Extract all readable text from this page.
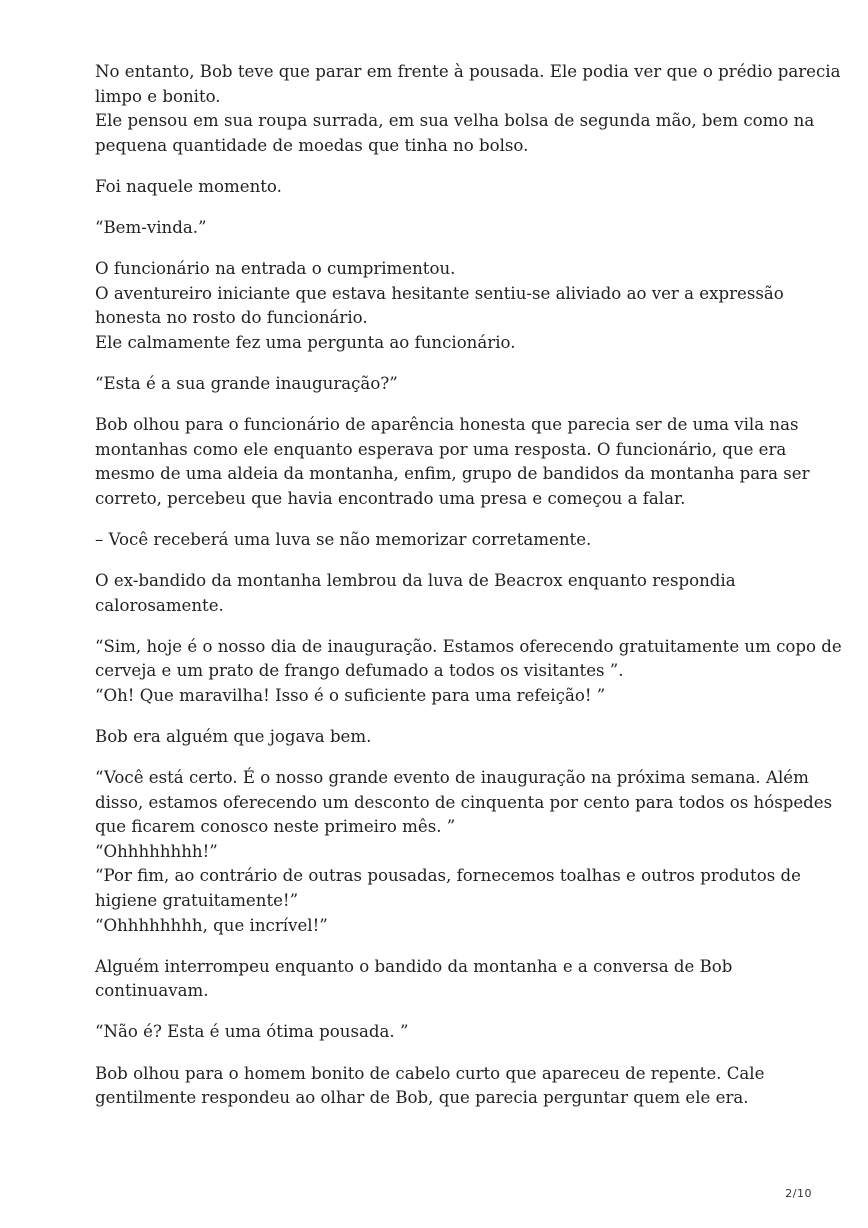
No entanto, Bob teve que parar em frente à pousada. Ele podia ver que o prédio parecia
limpo e bonito.
Ele pensou em sua roupa surrada, em sua velha bolsa de segunda mão, bem como na
pequena quantidade de moedas que tinha no bolso.

Foi naquele momento.

“Bem-vinda.”

O funcionário na entrada o cumprimentou.
O aventureiro iniciante que estava hesitante sentiu-se aliviado ao ver a expressão
honesta no rosto do funcionário.
Ele calmamente fez uma pergunta ao funcionário.

“Esta é a sua grande inauguração?”

Bob olhou para o funcionário de aparência honesta que parecia ser de uma vila nas
montanhas como ele enquanto esperava por uma resposta. O funcionário, que era
mesmo de uma aldeia da montanha, enfim, grupo de bandidos da montanha para ser
correto, percebeu que havia encontrado uma presa e começou a falar.

– Você receberá uma luva se não memorizar corretamente.

O ex-bandido da montanha lembrou da luva de Beacrox enquanto respondia
calorosamente.

“Sim, hoje é o nosso dia de inauguração. Estamos oferecendo gratuitamente um copo de
cerveja e um prato de frango defumado a todos os visitantes ”.
“Oh! Que maravilha! Isso é o suficiente para uma refeição! ”

Bob era alguém que jogava bem.

“Você está certo. É o nosso grande evento de inauguração na próxima semana. Além
disso, estamos oferecendo um desconto de cinquenta por cento para todos os hóspedes
que ficarem conosco neste primeiro mês. ”
“Ohhhhhhhh!”
“Por fim, ao contrário de outras pousadas, fornecemos toalhas e outros produtos de
higiene gratuitamente!”
“Ohhhhhhhh, que incrível!”

Alguém interrompeu enquanto o bandido da montanha e a conversa de Bob
continuavam.

“Não é? Esta é uma ótima pousada. ”

Bob olhou para o homem bonito de cabelo curto que apareceu de repente. Cale
gentilmente respondeu ao olhar de Bob, que parecia perguntar quem ele era.

2/10
